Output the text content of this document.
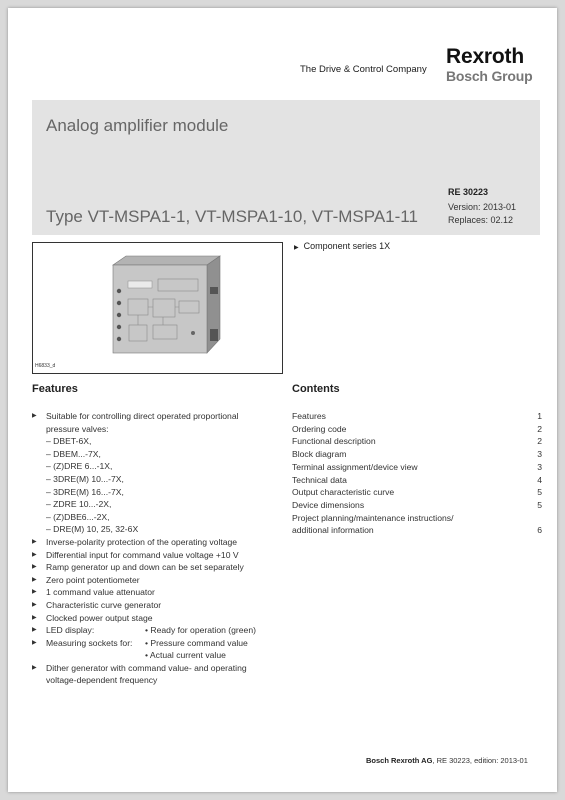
The Drive & Control Company
Rexroth
Bosch Group
Analog amplifier module
Type VT-MSPA1-1, VT-MSPA1-10, VT-MSPA1-11
RE 30223
Version: 2013-01
Replaces: 02.12
H6833_d
▶ Component series 1X
Features	Contents
▶ Suitable for controlling direct operated proportional
pressure valves:
– DBET-6X,
– DBEM...-7X,
– (Z)DRE 6...-1X,
– 3DRE(M) 10...-7X,
– 3DRE(M) 16...-7X,
– ZDRE 10...-2X,
– (Z)DBE6...-2X,
– DRE(M) 10, 25, 32-6X
▶ Inverse-polarity protection of the operating voltage
▶ Differential input for command value voltage +10 V
▶ Ramp generator up and down can be set separately
▶ Zero point potentiometer
▶ 1 command value attenuator
▶ Characteristic curve generator
▶ Clocked power output stage
▶ LED display:	• Ready for operation (green)
▶ Measuring sockets for: • Pressure command value
• Actual current value
▶ Dither generator with command value- and operating
voltage-dependent frequency
Features	1
Ordering code	2
Functional description	2
Block diagram	3
Terminal assignment/device view	3
Technical data	4
Output characteristic curve	5
Device dimensions	5
Project planning/maintenance instructions/
additional information	6
Bosch Rexroth AG, RE 30223, edition: 2013-01
